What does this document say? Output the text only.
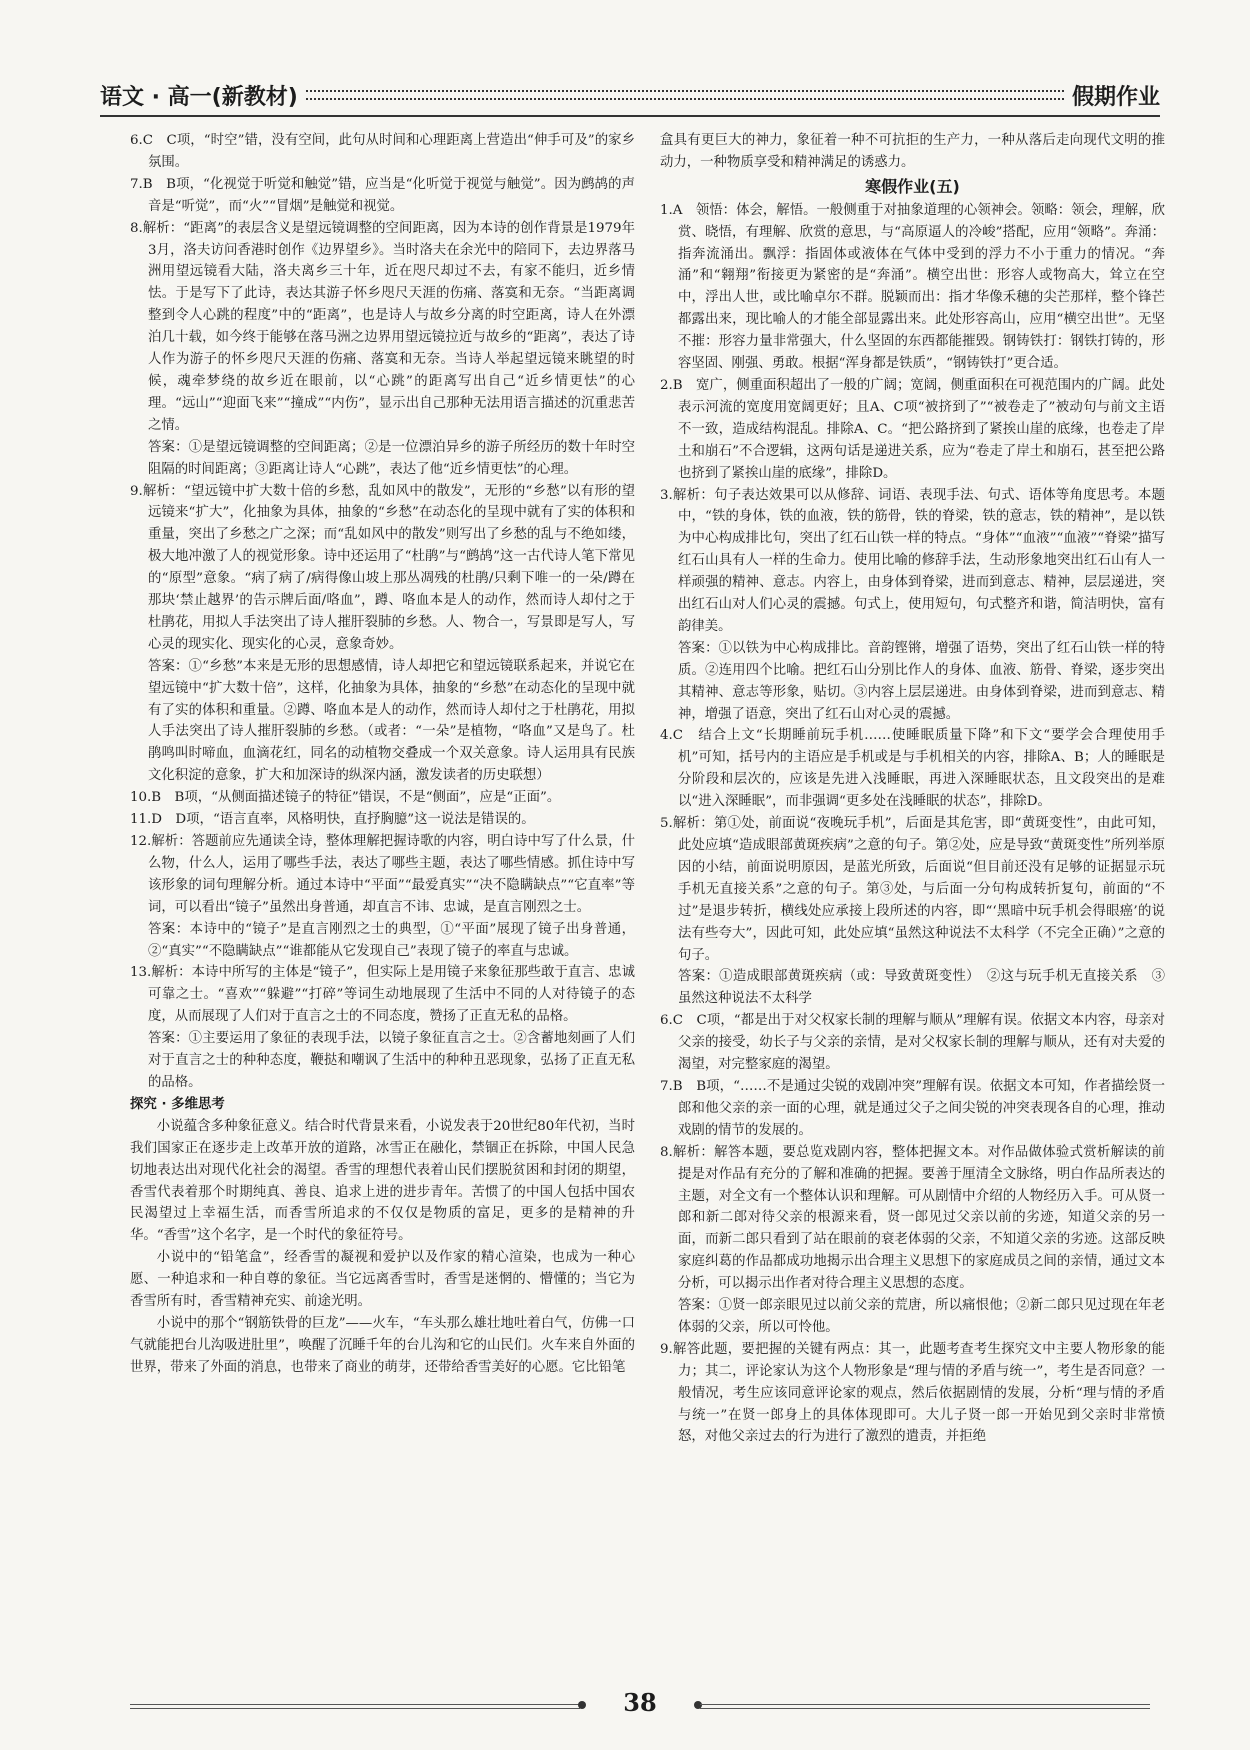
语文 · 高一(新教材)	假期作业

6.C　C项，“时空”错，没有空间，此句从时间和心理距离上营造出“伸手可及”的家乡氛围。

7.B　B项，“化视觉于听觉和触觉”错，应当是“化听觉于视觉与触觉”。因为鹧鸪的声音是“听觉”，而“火”“冒烟”是触觉和视觉。

8.解析：“距离”的表层含义是望远镜调整的空间距离，因为本诗的创作背景是1979年3月，洛夫访问香港时创作《边界望乡》。当时洛夫在余光中的陪同下，去边界落马洲用望远镜看大陆，洛夫离乡三十年，近在咫尺却过不去，有家不能归，近乡情怯。于是写下了此诗，表达其游子怀乡咫尺天涯的伤痛、落寞和无奈。“当距离调整到令人心跳的程度”中的“距离”，也是诗人与故乡分离的时空距离，诗人在外漂泊几十载，如今终于能够在落马洲之边界用望远镜拉近与故乡的“距离”，表达了诗人作为游子的怀乡咫尺天涯的伤痛、落寞和无奈。当诗人举起望远镜来眺望的时候，魂牵梦绕的故乡近在眼前，以“心跳”的距离写出自己“近乡情更怯”的心理。“远山”“迎面飞来”“撞成”“内伤”，显示出自己那种无法用语言描述的沉重悲苦之情。

答案：①是望远镜调整的空间距离；②是一位漂泊异乡的游子所经历的数十年时空阻隔的时间距离；③距离让诗人“心跳”，表达了他“近乡情更怯”的心理。

9.解析：“望远镜中扩大数十倍的乡愁，乱如风中的散发”，无形的“乡愁”以有形的望远镜来“扩大”，化抽象为具体，抽象的“乡愁”在动态化的呈现中就有了实的体积和重量，突出了乡愁之广之深；而“乱如风中的散发”则写出了乡愁的乱与不绝如缕，极大地冲激了人的视觉形象。诗中还运用了“杜鹃”与“鹧鸪”这一古代诗人笔下常见的“原型”意象。“病了病了/病得像山坡上那丛凋残的杜鹃/只剩下唯一的一朵/蹲在那块‘禁止越界’的告示牌后面/咯血”，蹲、咯血本是人的动作，然而诗人却付之于杜鹃花，用拟人手法突出了诗人摧肝裂肺的乡愁。人、物合一，写景即是写人，写心灵的现实化、现实化的心灵，意象奇妙。

答案：①“乡愁”本来是无形的思想感情，诗人却把它和望远镜联系起来，并说它在望远镜中“扩大数十倍”，这样，化抽象为具体，抽象的“乡愁”在动态化的呈现中就有了实的体积和重量。②蹲、咯血本是人的动作，然而诗人却付之于杜鹃花，用拟人手法突出了诗人摧肝裂肺的乡愁。（或者：“一朵”是植物，“咯血”又是鸟了。杜鹃鸣叫时啼血，血滴花红，同名的动植物交叠成一个双关意象。诗人运用具有民族文化积淀的意象，扩大和加深诗的纵深内涵，激发读者的历史联想）

10.B　B项，“从侧面描述镜子的特征”错误，不是“侧面”，应是“正面”。

11.D　D项，“语言直率，风格明快，直抒胸臆”这一说法是错误的。

12.解析：答题前应先通读全诗，整体理解把握诗歌的内容，明白诗中写了什么景，什么物，什么人，运用了哪些手法，表达了哪些主题，表达了哪些情感。抓住诗中写该形象的词句理解分析。通过本诗中“平面”“最爱真实”“决不隐瞒缺点”“它直率”等词，可以看出“镜子”虽然出身普通，却直言不讳、忠诚，是直言刚烈之士。

答案：本诗中的“镜子”是直言刚烈之士的典型，①“平面”展现了镜子出身普通，②“真实”“不隐瞒缺点”“谁都能从它发现自己”表现了镜子的率直与忠诚。

13.解析：本诗中所写的主体是“镜子”，但实际上是用镜子来象征那些敢于直言、忠诚可靠之士。“喜欢”“躲避”“打碎”等词生动地展现了生活中不同的人对待镜子的态度，从而展现了人们对于直言之士的不同态度，赞扬了正直无私的品格。

答案：①主要运用了象征的表现手法，以镜子象征直言之士。②含蓄地刻画了人们对于直言之士的种种态度，鞭挞和嘲讽了生活中的种种丑恶现象，弘扬了正直无私的品格。

探究 · 多维思考

小说蕴含多种象征意义。结合时代背景来看，小说发表于20世纪80年代初，当时我们国家正在逐步走上改革开放的道路，冰雪正在融化，禁锢正在拆除，中国人民急切地表达出对现代化社会的渴望。香雪的理想代表着山民们摆脱贫困和封闭的期望，香雪代表着那个时期纯真、善良、追求上进的进步青年。苦惯了的中国人包括中国农民渴望过上幸福生活，而香雪所追求的不仅仅是物质的富足，更多的是精神的升华。“香雪”这个名字，是一个时代的象征符号。

小说中的“铅笔盒”，经香雪的凝视和爱护以及作家的精心渲染，也成为一种心愿、一种追求和一种自尊的象征。当它远离香雪时，香雪是迷惘的、懵懂的；当它为香雪所有时，香雪精神充实、前途光明。

小说中的那个“钢筋铁骨的巨龙”——火车，“车头那么雄壮地吐着白气，仿佛一口气就能把台儿沟吸进肚里”，唤醒了沉睡千年的台儿沟和它的山民们。火车来自外面的世界，带来了外面的消息，也带来了商业的萌芽，还带给香雪美好的心愿。它比铅笔

盒具有更巨大的神力，象征着一种不可抗拒的生产力，一种从落后走向现代文明的推动力，一种物质享受和精神满足的诱惑力。

寒假作业(五)

1.A　领悟：体会，解悟。一般侧重于对抽象道理的心领神会。领略：领会，理解，欣赏、晓悟，有理解、欣赏的意思，与“高原逼人的冷峻”搭配，应用“领略”。奔涌：指奔流涌出。飘浮：指固体或液体在气体中受到的浮力不小于重力的情况。“奔涌”和“翱翔”衔接更为紧密的是“奔涌”。横空出世：形容人或物高大，耸立在空中，浮出人世，或比喻卓尔不群。脱颖而出：指才华像禾穗的尖芒那样，整个锋芒都露出来，现比喻人的才能全部显露出来。此处形容高山，应用“横空出世”。无坚不摧：形容力量非常强大，什么坚固的东西都能摧毁。钢铸铁打：钢铁打铸的，形容坚固、刚强、勇敢。根据“浑身都是铁质”，“钢铸铁打”更合适。

2.B　宽广，侧重面积超出了一般的广阔；宽阔，侧重面积在可视范围内的广阔。此处表示河流的宽度用宽阔更好；且A、C项“被挤到了”“被卷走了”被动句与前文主语不一致，造成结构混乱。排除A、C。“把公路挤到了紧挨山崖的底缘，也卷走了岸土和崩石”不合逻辑，这两句话是递进关系，应为“卷走了岸土和崩石，甚至把公路也挤到了紧挨山崖的底缘”，排除D。

3.解析：句子表达效果可以从修辞、词语、表现手法、句式、语体等角度思考。本题中，“铁的身体，铁的血液，铁的筋骨，铁的脊梁，铁的意志，铁的精神”，是以铁为中心构成排比句，突出了红石山铁一样的特点。“身体”“血液”“血液”“脊梁”描写红石山具有人一样的生命力。使用比喻的修辞手法，生动形象地突出红石山有人一样顽强的精神、意志。内容上，由身体到脊梁，进而到意志、精神，层层递进，突出红石山对人们心灵的震撼。句式上，使用短句，句式整齐和谐，简洁明快，富有韵律美。

答案：①以铁为中心构成排比。音韵铿锵，增强了语势，突出了红石山铁一样的特质。②连用四个比喻。把红石山分别比作人的身体、血液、筋骨、脊梁，逐步突出其精神、意志等形象，贴切。③内容上层层递进。由身体到脊梁，进而到意志、精神，增强了语意，突出了红石山对心灵的震撼。

4.C　结合上文“长期睡前玩手机……使睡眠质量下降”和下文“要学会合理使用手机”可知，括号内的主语应是手机或是与手机相关的内容，排除A、B；人的睡眠是分阶段和层次的，应该是先进入浅睡眠，再进入深睡眠状态，且文段突出的是难以“进入深睡眠”，而非强调“更多处在浅睡眠的状态”，排除D。

5.解析：第①处，前面说“夜晚玩手机”，后面是其危害，即“黄斑变性”，由此可知，此处应填“造成眼部黄斑疾病”之意的句子。第②处，应是导致“黄斑变性”所列举原因的小结，前面说明原因，是蓝光所致，后面说“但目前还没有足够的证据显示玩手机无直接关系”之意的句子。第③处，与后面一分句构成转折复句，前面的“不过”是退步转折，横线处应承接上段所述的内容，即“‘黑暗中玩手机会得眼癌’的说法有些夸大”，因此可知，此处应填“虽然这种说法不太科学（不完全正确）”之意的句子。

答案：①造成眼部黄斑疾病（或：导致黄斑变性）　②这与玩手机无直接关系　③虽然这种说法不太科学

6.C　C项，“都是出于对父权家长制的理解与顺从”理解有误。依据文本内容，母亲对父亲的接受，幼长子与父亲的亲情，是对父权家长制的理解与顺从，还有对夫爱的渴望，对完整家庭的渴望。

7.B　B项，“……不是通过尖锐的戏剧冲突”理解有误。依据文本可知，作者描绘贤一郎和他父亲的亲一面的心理，就是通过父子之间尖锐的冲突表现各自的心理，推动戏剧的情节的发展的。

8.解析：解答本题，要总览戏剧内容，整体把握文本。对作品做体验式赏析解读的前提是对作品有充分的了解和准确的把握。要善于厘清全文脉络，明白作品所表达的主题，对全文有一个整体认识和理解。可从剧情中介绍的人物经历入手。可从贤一郎和新二郎对待父亲的根源来看，贤一郎见过父亲以前的劣迹，知道父亲的另一面，而新二郎只看到了站在眼前的衰老体弱的父亲，不知道父亲的劣迹。这部反映家庭纠葛的作品都成功地揭示出合理主义思想下的家庭成员之间的亲情，通过文本分析，可以揭示出作者对待合理主义思想的态度。

答案：①贤一郎亲眼见过以前父亲的荒唐，所以痛恨他；②新二郎只见过现在年老体弱的父亲，所以可怜他。

9.解答此题，要把握的关键有两点：其一，此题考查考生探究文中主要人物形象的能力；其二，评论家认为这个人物形象是“理与情的矛盾与统一”，考生是否同意？一般情况，考生应该同意评论家的观点，然后依据剧情的发展，分析“理与情的矛盾与统一”在贤一郎身上的具体体现即可。大儿子贤一郎一开始见到父亲时非常愤怒，对他父亲过去的行为进行了激烈的遣责，并拒绝

38
